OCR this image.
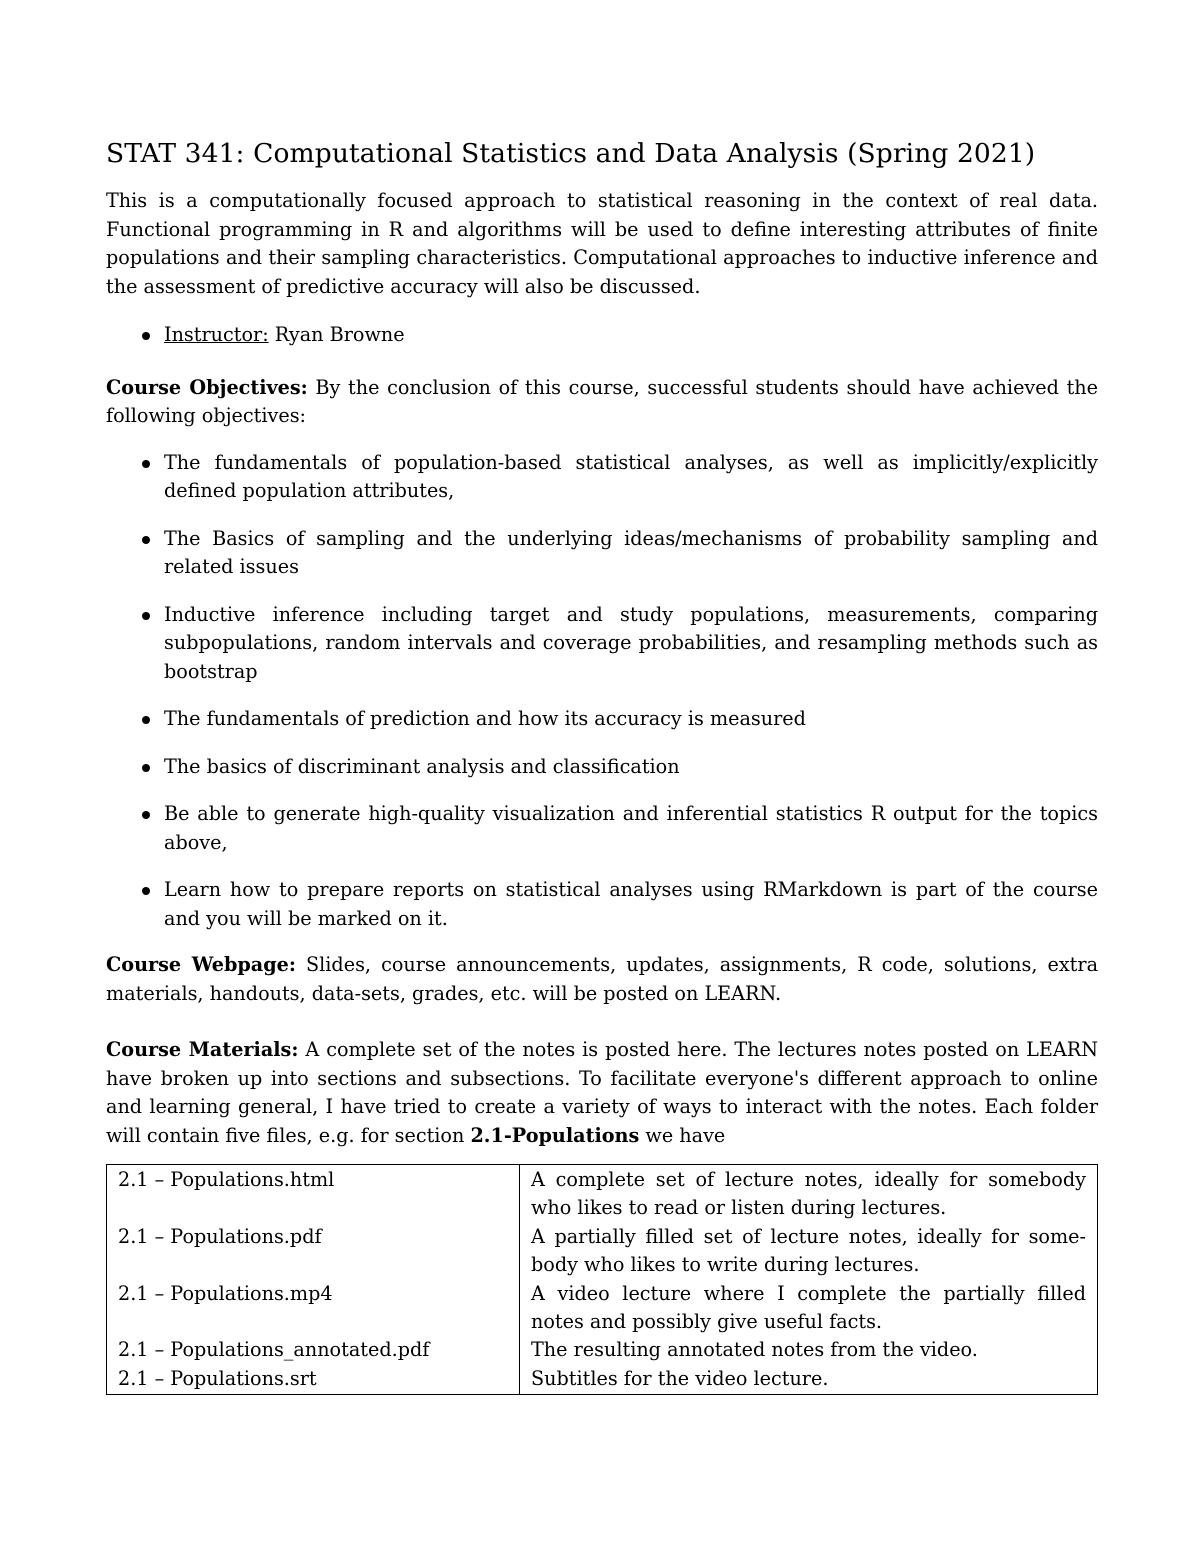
STAT 341: Computational Statistics and Data Analysis (Spring 2021)

This is a computationally focused approach to statistical reasoning in the context of real data. Functional programming in R and algorithms will be used to define interesting attributes of finite populations and their sampling characteristics. Computational approaches to inductive inference and the assessment of predictive accuracy will also be discussed.

Instructor: Ryan Browne

Course Objectives: By the conclusion of this course, successful students should have achieved the following objectives:

The fundamentals of population-based statistical analyses, as well as implicitly/explicitly defined population attributes,
The Basics of sampling and the underlying ideas/mechanisms of probability sampling and related issues
Inductive inference including target and study populations, measurements, comparing subpopulations, random intervals and coverage probabilities, and resampling methods such as bootstrap
The fundamentals of prediction and how its accuracy is measured
The basics of discriminant analysis and classification
Be able to generate high-quality visualization and inferential statistics R output for the topics above,
Learn how to prepare reports on statistical analyses using RMarkdown is part of the course and you will be marked on it.

Course Webpage: Slides, course announcements, updates, assignments, R code, solutions, extra materials, handouts, data-sets, grades, etc. will be posted on LEARN.

Course Materials: A complete set of the notes is posted here. The lectures notes posted on LEARN have broken up into sections and subsections. To facilitate everyone's different approach to online and learning general, I have tried to create a variety of ways to interact with the notes. Each folder will contain five files, e.g. for section 2.1-Populations we have

2.1 – Populations.html	A complete set of lecture notes, ideally for somebody who likes to read or listen during lectures.
2.1 – Populations.pdf	A partially filled set of lecture notes, ideally for some-body who likes to write during lectures.
2.1 – Populations.mp4	A video lecture where I complete the partially filled notes and possibly give useful facts.
2.1 – Populations_annotated.pdf	The resulting annotated notes from the video.
2.1 – Populations.srt	Subtitles for the video lecture.
